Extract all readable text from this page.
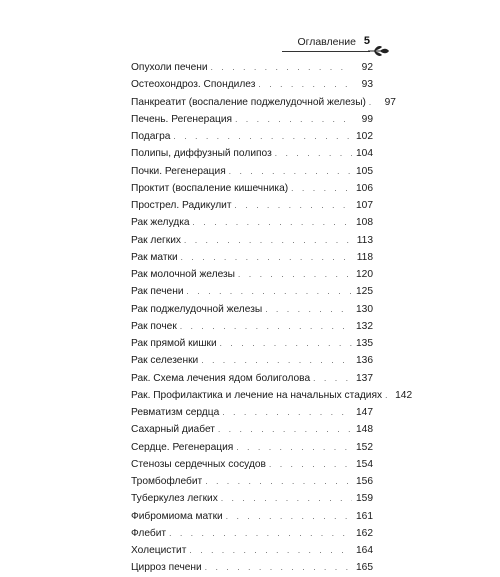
Оглавление 5
Опухоли печени . . .	92
Остеохондроз. Спондилез . . .	93
Панкреатит (воспаление поджелудочной железы) . . .	97
Печень. Регенерация . . .	99
Подагра . . .	102
Полипы, диффузный полипоз . . .	104
Почки. Регенерация . . .	105
Проктит (воспаление кишечника) . . .	106
Прострел. Радикулит . . .	107
Рак желудка . . .	108
Рак легких . . .	113
Рак матки . . .	118
Рак молочной железы . . .	120
Рак печени . . .	125
Рак поджелудочной железы . . .	130
Рак почек . . .	132
Рак прямой кишки . . .	135
Рак селезенки . . .	136
Рак. Схема лечения ядом болиголова . . .	137
Рак. Профилактика и лечение на начальных стадиях . . .	142
Ревматизм сердца . . .	147
Сахарный диабет . . .	148
Сердце. Регенерация . . .	152
Стенозы сердечных сосудов . . .	154
Тромбофлебит . . .	156
Туберкулез легких . . .	159
Фибромиома матки . . .	161
Флебит . . .	162
Холецистит . . .	164
Цирроз печени . . .	165
